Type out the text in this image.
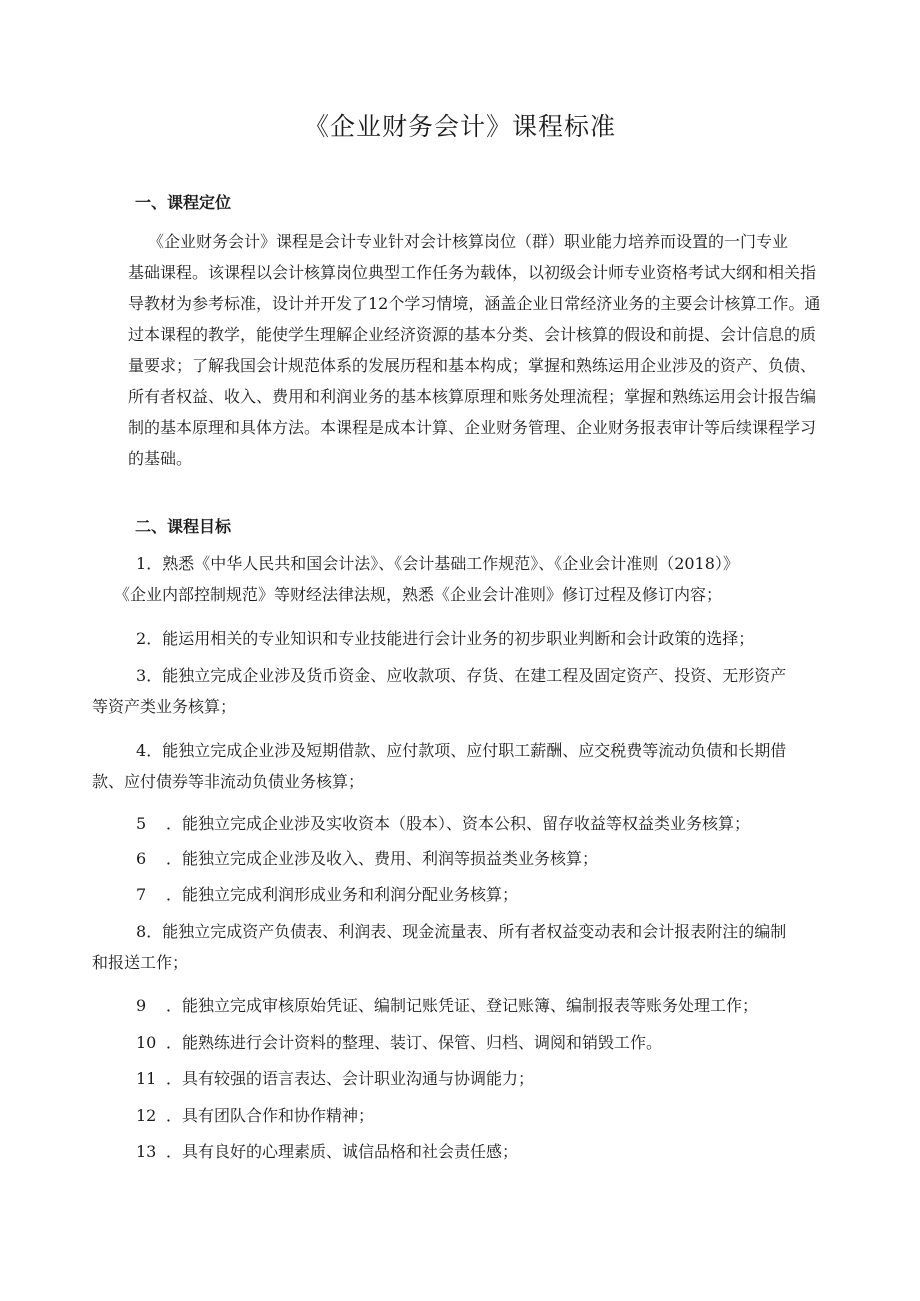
《企业财务会计》课程标准
一、课程定位
《企业财务会计》课程是会计专业针对会计核算岗位（群）职业能力培养而设置的一门专业
基础课程。该课程以会计核算岗位典型工作任务为载体，以初级会计师专业资格考试大纲和相关指
导教材为参考标准，设计并开发了12个学习情境，涵盖企业日常经济业务的主要会计核算工作。通
过本课程的教学，能使学生理解企业经济资源的基本分类、会计核算的假设和前提、会计信息的质
量要求；了解我国会计规范体系的发展历程和基本构成；掌握和熟练运用企业涉及的资产、负债、
所有者权益、收入、费用和利润业务的基本核算原理和账务处理流程；掌握和熟练运用会计报告编
制的基本原理和具体方法。本课程是成本计算、企业财务管理、企业财务报表审计等后续课程学习
的基础。
二、课程目标
1．熟悉《中华人民共和国会计法》、《会计基础工作规范》、《企业会计准则（2018）》
《企业内部控制规范》等财经法律法规，熟悉《企业会计准则》修订过程及修订内容；
2．能运用相关的专业知识和专业技能进行会计业务的初步职业判断和会计政策的选择；
3．能独立完成企业涉及货币资金、应收款项、存货、在建工程及固定资产、投资、无形资产
等资产类业务核算；
4．能独立完成企业涉及短期借款、应付款项、应付职工薪酬、应交税费等流动负债和长期借
款、应付债券等非流动负债业务核算；
5 ．能独立完成企业涉及实收资本（股本）、资本公积、留存收益等权益类业务核算；
6 ．能独立完成企业涉及收入、费用、利润等损益类业务核算；
7 ．能独立完成利润形成业务和利润分配业务核算；
8．能独立完成资产负债表、利润表、现金流量表、所有者权益变动表和会计报表附注的编制
和报送工作；
9 ．能独立完成审核原始凭证、编制记账凭证、登记账簿、编制报表等账务处理工作；
10 ．能熟练进行会计资料的整理、装订、保管、归档、调阅和销毁工作。
11 ．具有较强的语言表达、会计职业沟通与协调能力；
12 ．具有团队合作和协作精神；
13 ．具有良好的心理素质、诚信品格和社会责任感；
